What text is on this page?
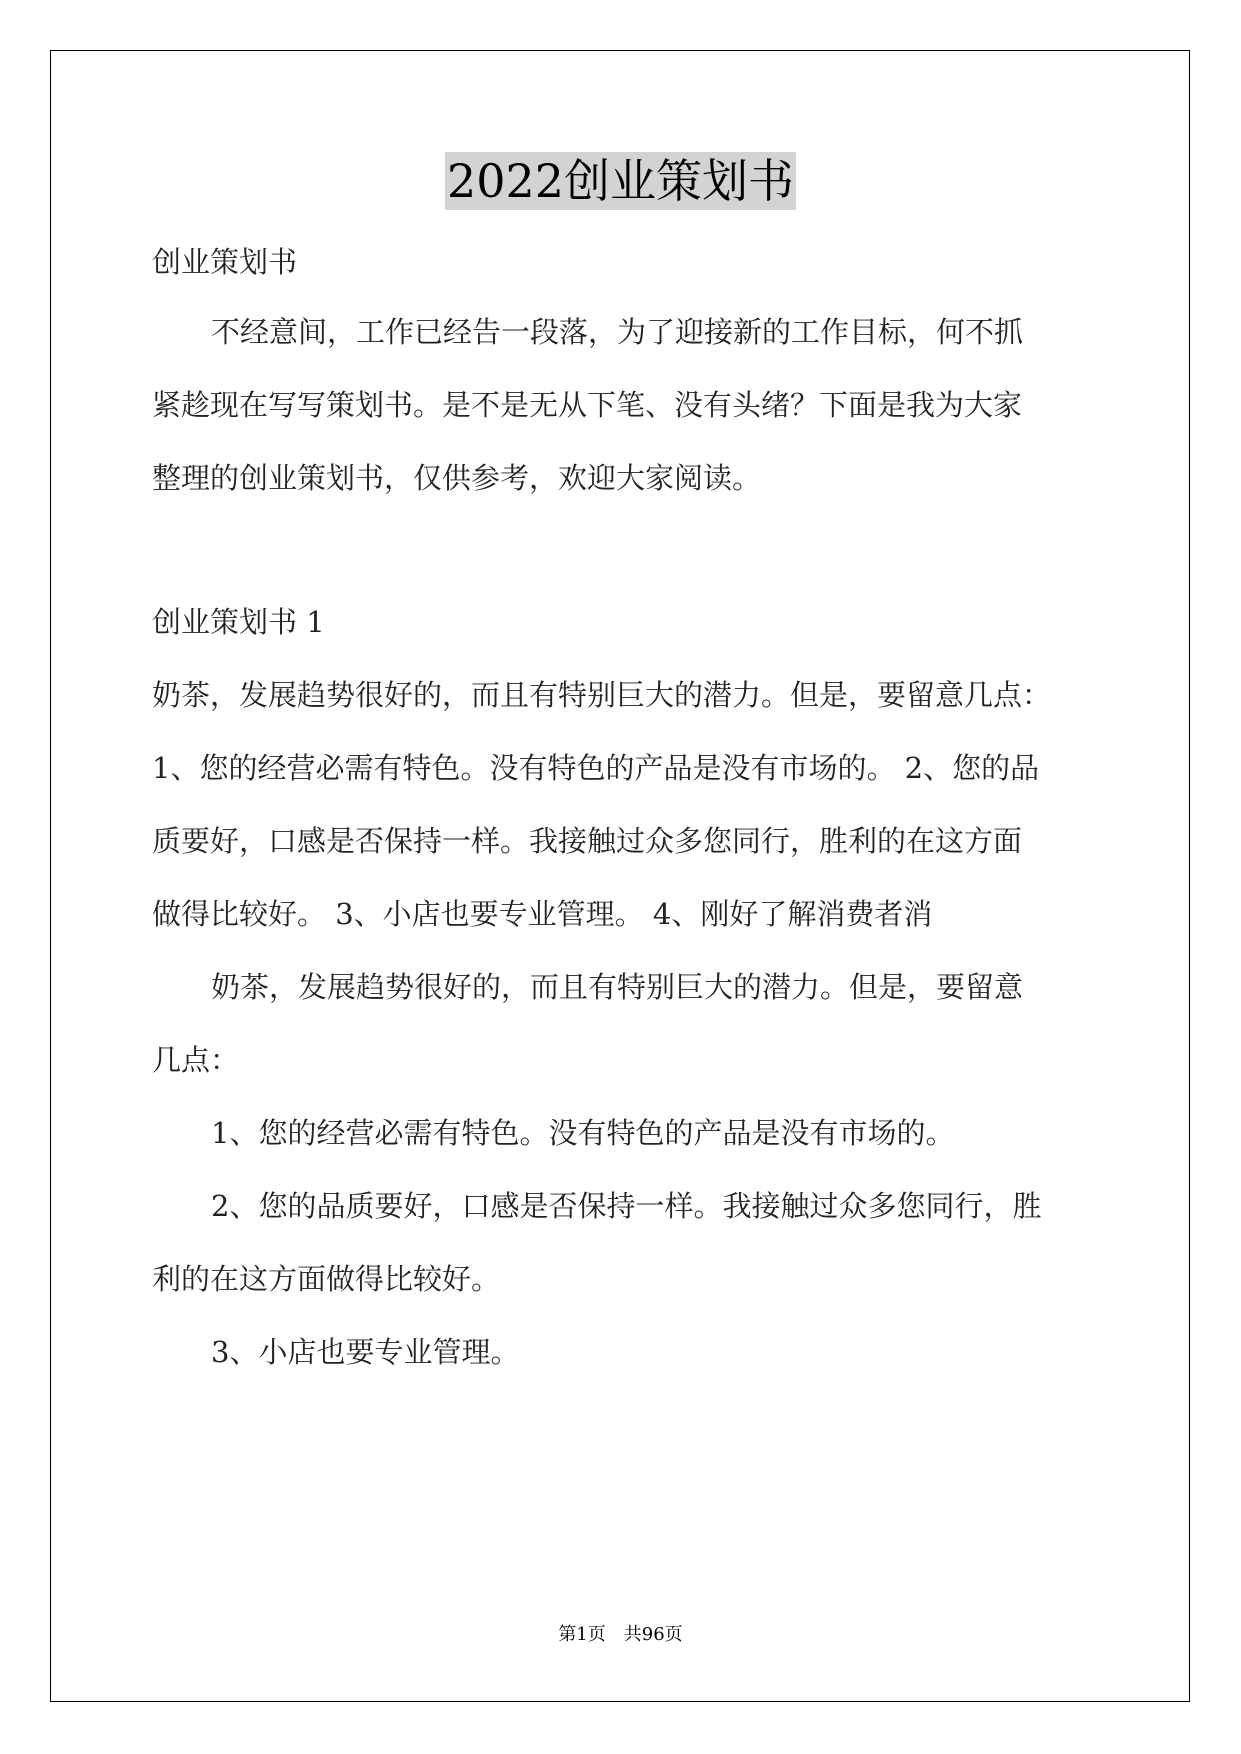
2022创业策划书

创业策划书

不经意间，工作已经告一段落，为了迎接新的工作目标，何不抓

紧趁现在写写策划书。是不是无从下笔、没有头绪？下面是我为大家

整理的创业策划书，仅供参考，欢迎大家阅读。

创业策划书 1

奶茶，发展趋势很好的，而且有特别巨大的潜力。但是，要留意几点：

1、您的经营必需有特色。没有特色的产品是没有市场的。 2、您的品

质要好，口感是否保持一样。我接触过众多您同行，胜利的在这方面

做得比较好。 3、小店也要专业管理。 4、刚好了解消费者消

奶茶，发展趋势很好的，而且有特别巨大的潜力。但是，要留意

几点：

1、您的经营必需有特色。没有特色的产品是没有市场的。

2、您的品质要好，口感是否保持一样。我接触过众多您同行，胜

利的在这方面做得比较好。

3、小店也要专业管理。

第1页　共96页
